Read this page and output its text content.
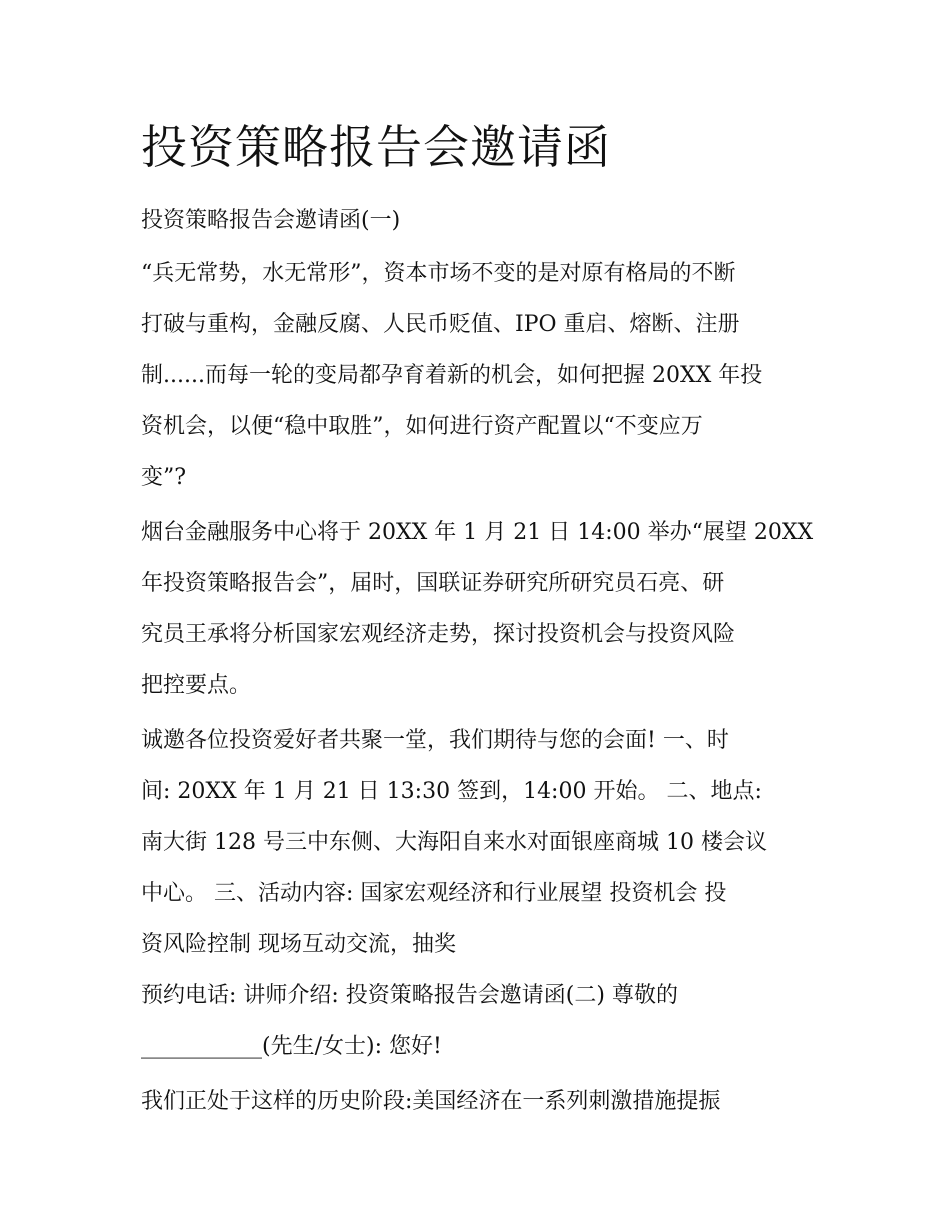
投资策略报告会邀请函
投资策略报告会邀请函(一)

“兵无常势，水无常形”，资本市场不变的是对原有格局的不断
打破与重构，金融反腐、人民币贬值、IPO 重启、熔断、注册
制......而每一轮的变局都孕育着新的机会，如何把握 20XX 年投
资机会，以便“稳中取胜”，如何进行资产配置以“不变应万
变”?

烟台金融服务中心将于 20XX 年 1 月 21 日 14:00 举办“展望 20XX
年投资策略报告会”，届时，国联证券研究所研究员石亮、研
究员王承将分析国家宏观经济走势，探讨投资机会与投资风险
把控要点。

诚邀各位投资爱好者共聚一堂，我们期待与您的会面! 一、时
间: 20XX 年 1 月 21 日 13:30 签到，14:00 开始。 二、地点:

南大街 128 号三中东侧、大海阳自来水对面银座商城 10 楼会议
中心。 三、活动内容: 国家宏观经济和行业展望 投资机会 投
资风险控制 现场互动交流，抽奖

预约电话: 讲师介绍: 投资策略报告会邀请函(二) 尊敬的

___________(先生/女士): 您好!

我们正处于这样的历史阶段:美国经济在一系列刺激措施提振
